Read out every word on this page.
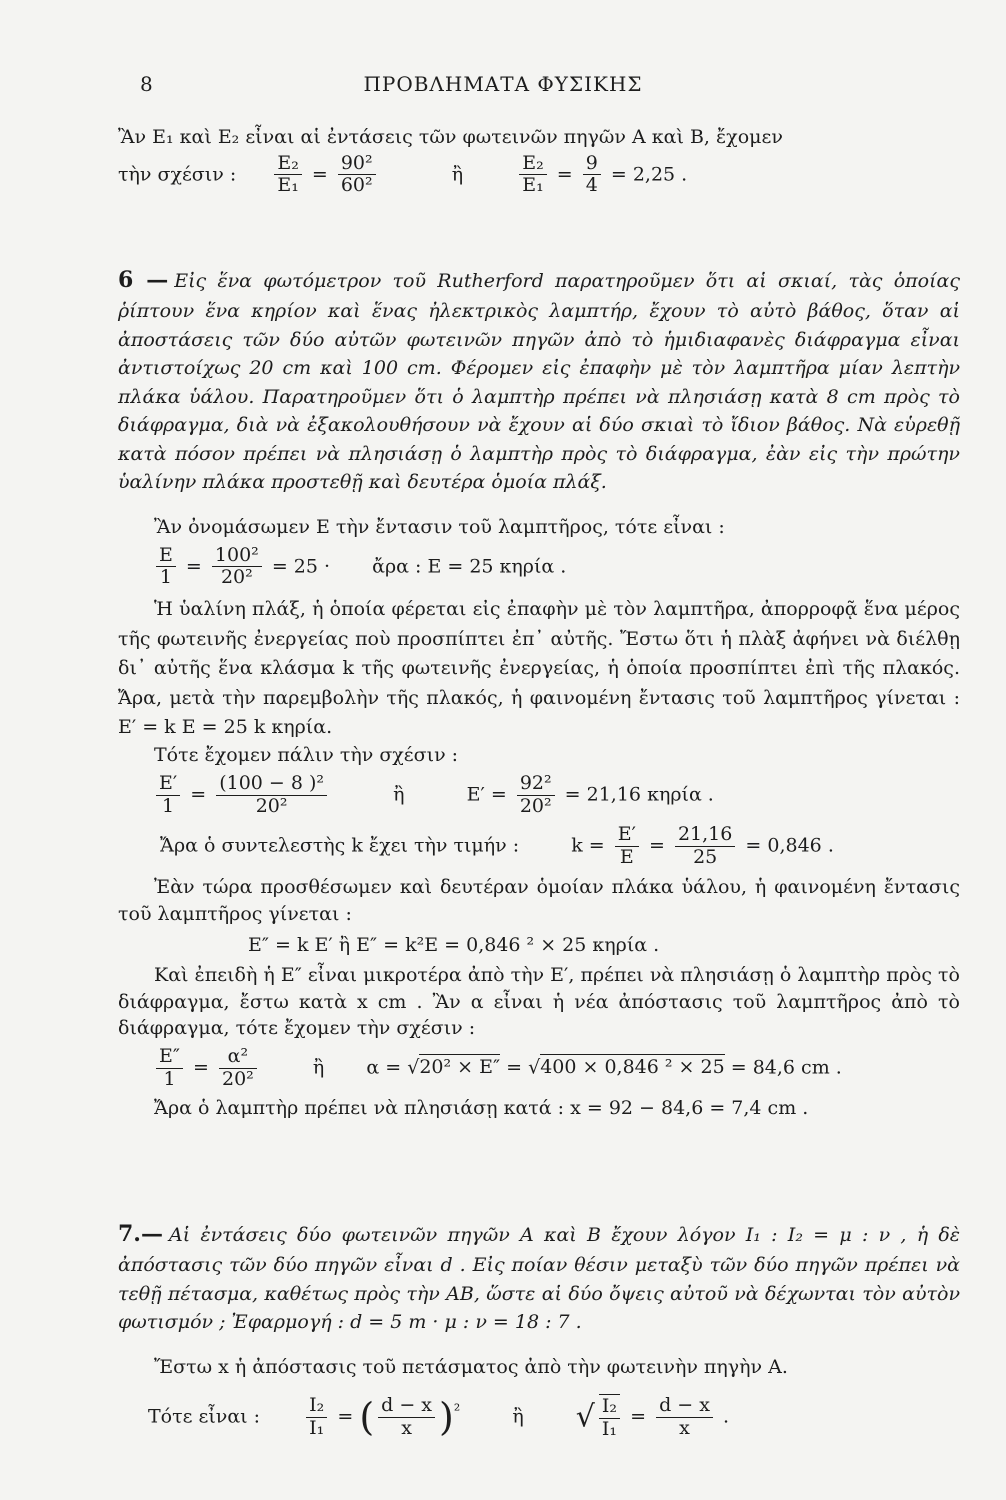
8	ΠΡΟΒΛΗΜΑΤΑ ΦΥΣΙΚΗΣ

Ἂν E₁ καὶ E₂ εἶναι αἱ ἐντάσεις τῶν φωτεινῶν πηγῶν A καὶ B, ἔχομεν

τὴν σχέσιν : $\frac{\text{E₂}}{\text{E₁}} = \frac{\text{90²}}{\text{60²}}$	ἢ	$\frac{\text{E₂}}{\text{E₁}} = \frac{9}{4} = 2,25$ .

6 — Εἰς ἕνα φωτόμετρον τοῦ Rutherford παρατηροῦμεν ὅτι αἱ σκιαί, τὰς ὁποίας ῥίπτουν ἕνα κηρίον καὶ ἕνας ἠλεκτρικὸς λαμπτήρ, ἔχουν τὸ αὐτὸ βάθος, ὅταν αἱ ἀποστάσεις τῶν δύο αὐτῶν φωτεινῶν πηγῶν ἀπὸ τὸ ἡμιδιαφανὲς διάφραγμα εἶναι ἀντιστοίχως 20 cm καὶ 100 cm. Φέρομεν εἰς ἐπαφὴν μὲ τὸν λαμπτῆρα μίαν λεπτὴν πλάκα ὑάλου. Παρατηροῦμεν ὅτι ὁ λαμπτὴρ πρέπει νὰ πλησιάσῃ κατὰ 8 cm πρὸς τὸ διάφραγμα, διὰ νὰ ἐξακολουθήσουν νὰ ἔχουν αἱ δύο σκιαὶ τὸ ἴδιον βάθος. Νὰ εὑρεθῇ κατὰ πόσον πρέπει νὰ πλησιάσῃ ὁ λαμπτὴρ πρὸς τὸ διάφραγμα, ἐὰν εἰς τὴν πρώτην ὑαλίνην πλάκα προστεθῇ καὶ δευτέρα ὁμοία πλάξ.

Ἂν ὀνομάσωμεν E τὴν ἔντασιν τοῦ λαμπτῆρος, τότε εἶναι :

$\frac{E}{1} = \frac{\text{100²}}{\text{20²}} = 25$ · ἄρα : E = 25 κηρία .

Ἡ ὑαλίνη πλάξ, ἡ ὁποία φέρεται εἰς ἐπαφὴν μὲ τὸν λαμπτῆρα, ἀπορροφᾷ ἕνα μέρος τῆς φωτεινῆς ἐνεργείας ποὺ προσπίπτει ἐπ᾽ αὐτῆς. Ἔστω ὅτι ἡ πλὰξ ἀφήνει νὰ διέλθῃ δι᾽ αὐτῆς ἕνα κλάσμα k τῆς φωτεινῆς ἐνεργείας, ἡ ὁποία προσπίπτει ἐπὶ τῆς πλακός. Ἄρα, μετὰ τὴν παρεμβολὴν τῆς πλακός, ἡ φαινομένη ἔντασις τοῦ λαμπτῆρος γίνεται : E′ = k E = 25 k κηρία.

Τότε ἔχομεν πάλιν τὴν σχέσιν :

$\frac{E'}{1} = \frac{\text{(100 − 8 )²}}{\text{20²}}$	ἢ	$E' = \frac{\text{92²}}{\text{20²}} = 21,16$ κηρία .
Ἄρα ὁ συντελεστὴς k ἔχει τὴν τιμήν :	$k = \frac{E'}{E} = \frac{21,16}{25} = 0,846$ .

Ἐὰν τώρα προσθέσωμεν καὶ δευτέραν ὁμοίαν πλάκα ὑάλου, ἡ φαινομένη ἔντασις τοῦ λαμπτῆρος γίνεται :

E″ = k E′ ἢ E″ = k²E = 0,846 ² × 25 κηρία .

Καὶ ἐπειδὴ ἡ E″ εἶναι μικροτέρα ἀπὸ τὴν E′, πρέπει νὰ πλησιάσῃ ὁ λαμπτὴρ πρὸς τὸ διάφραγμα, ἔστω κατὰ x cm . Ἂν α εἶναι ἡ νέα ἀπόστασις τοῦ λαμπτῆρος ἀπὸ τὸ διάφραγμα, τότε ἔχομεν τὴν σχέσιν :

$\frac{E''}{1} = \frac{\text{α²}}{\text{20²}}$	ἢ α = √20² × E″ = √400 × 0,846 ² × 25 = 84,6 cm .

Ἄρα ὁ λαμπτὴρ πρέπει νὰ πλησιάσῃ κατά : x = 92 − 84,6 = 7,4 cm .

7.— Αἱ ἐντάσεις δύο φωτεινῶν πηγῶν A καὶ B ἔχουν λόγον I₁ : I₂ = μ : ν , ἡ δὲ ἀπόστασις τῶν δύο πηγῶν εἶναι d . Εἰς ποίαν θέσιν μεταξὺ τῶν δύο πηγῶν πρέπει νὰ τεθῇ πέτασμα, καθέτως πρὸς τὴν AB, ὥστε αἱ δύο ὄψεις αὐτοῦ νὰ δέχωνται τὸν αὐτὸν φωτισμόν ; Ἐφαρμογή : d = 5 m · μ : ν = 18 : 7 .

Ἔστω x ἡ ἀπόστασις τοῦ πετάσματος ἀπὸ τὴν φωτεινὴν πηγὴν A.

Τότε εἶναι : $\frac{\text{I₂}}{\text{I₁}}$ = ( $\frac{d - x}{x} )^{^2}$	ἢ √ $\frac{\text{I₂}}{\text{I₁}} = \frac{d - x}{x}$ .
